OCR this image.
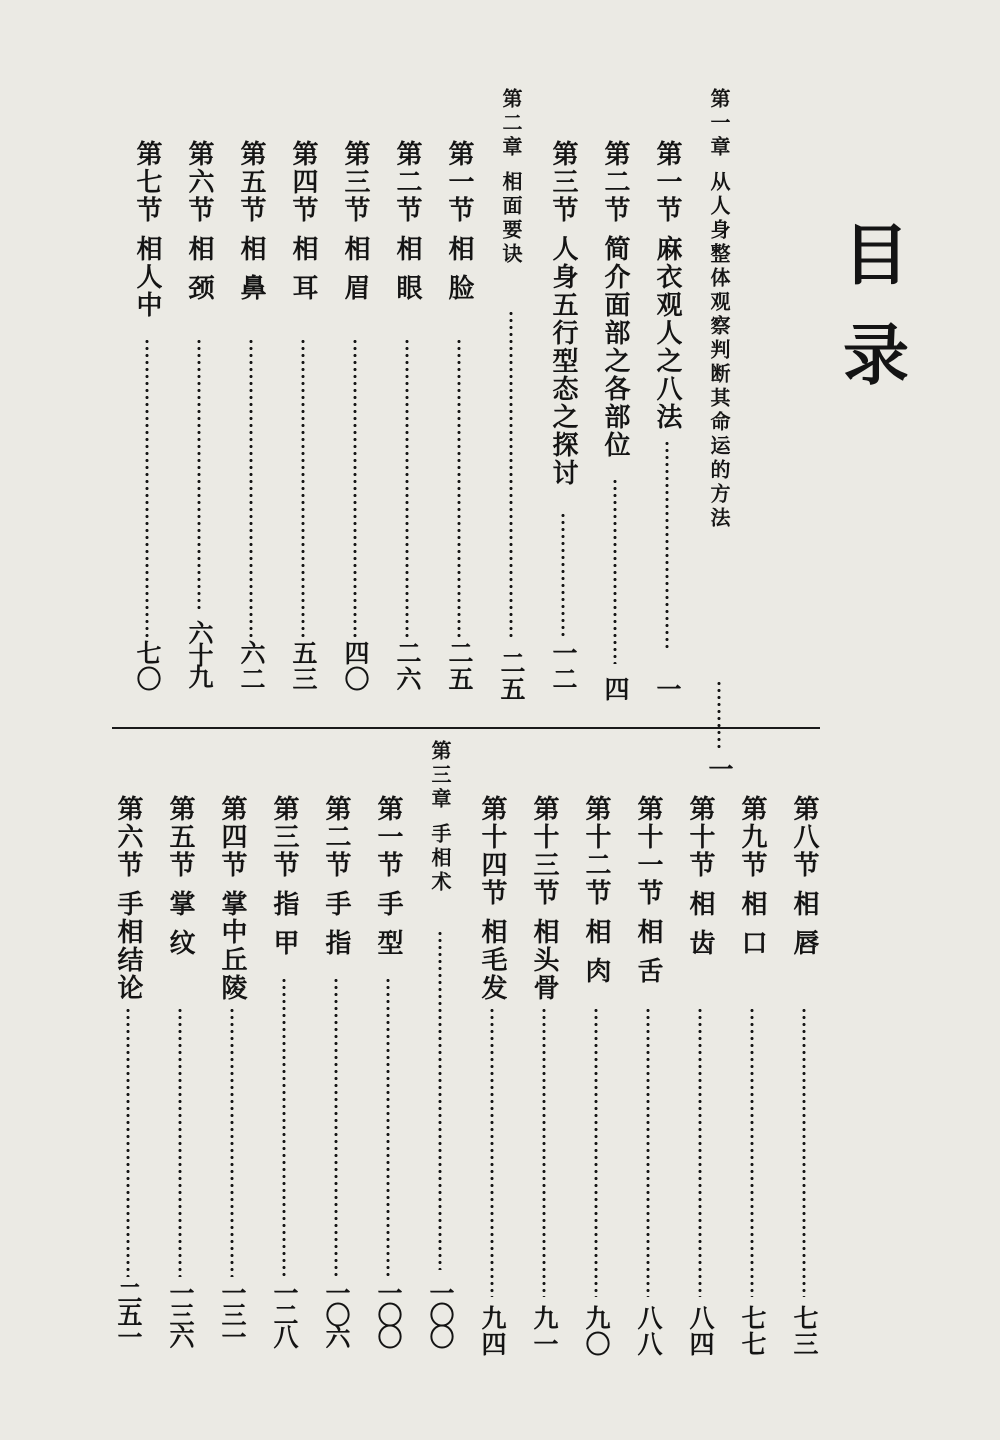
目录
第一章 从人身整体观察判断其命运的方法
一
第一节 麻衣观人之八法
一
第二节 简介面部之各部位
四
第三节 人身五行型态之探讨
一二
第二章 相面要诀
二五
第一节 相 脸
二五
第二节 相 眼
二六
第三节 相 眉
四〇
第四节 相 耳
五三
第五节 相 鼻
六二
第六节 相 颈
六十九
第七节 相人中
七〇
第八节 相 唇
七三
第九节 相 口
七七
第十节 相 齿
八四
第十一节 相 舌
八八
第十二节 相 肉
九〇
第十三节 相头骨
九一
第十四节 相毛发
九四
第三章 手相术
一〇〇
第一节 手 型
一〇〇
第二节 手 指
一〇六
第三节 指 甲
一二八
第四节 掌中丘陵
一三一
第五节 掌 纹
一三六
第六节 手相结论
二五一
